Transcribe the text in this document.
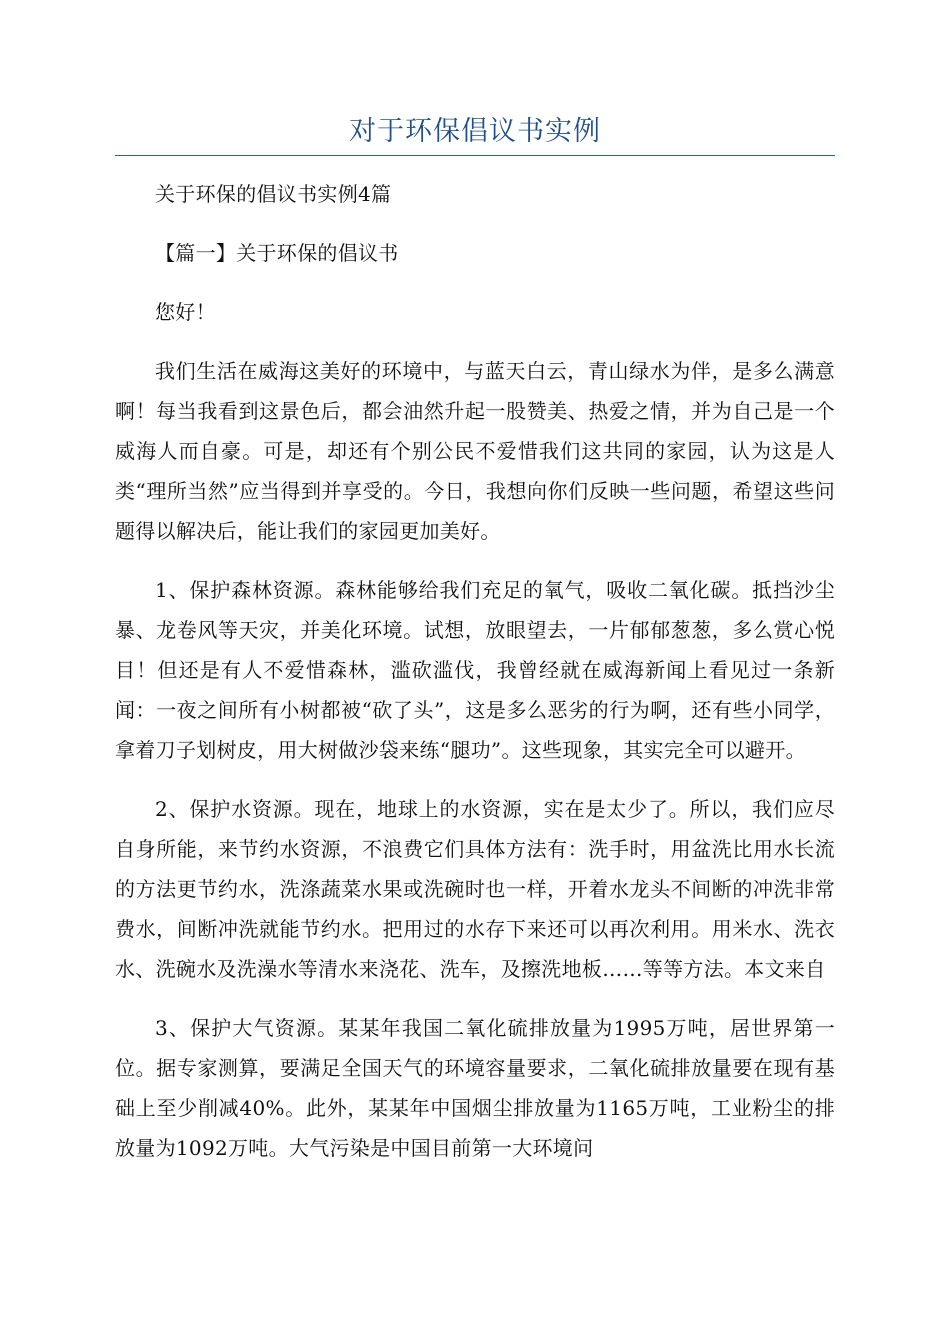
对于环保倡议书实例

关于环保的倡议书实例4篇

【篇一】关于环保的倡议书

您好！

我们生活在威海这美好的环境中，与蓝天白云，青山绿水为伴，是多么满意啊！每当我看到这景色后，都会油然升起一股赞美、热爱之情，并为自己是一个威海人而自豪。可是，却还有个别公民不爱惜我们这共同的家园，认为这是人类“理所当然”应当得到并享受的。今日，我想向你们反映一些问题，希望这些问题得以解决后，能让我们的家园更加美好。

1、保护森林资源。森林能够给我们充足的氧气，吸收二氧化碳。抵挡沙尘暴、龙卷风等天灾，并美化环境。试想，放眼望去，一片郁郁葱葱，多么赏心悦目！但还是有人不爱惜森林，滥砍滥伐，我曾经就在威海新闻上看见过一条新闻：一夜之间所有小树都被“砍了头”，这是多么恶劣的行为啊，还有些小同学，拿着刀子划树皮，用大树做沙袋来练“腿功”。这些现象，其实完全可以避开。

2、保护水资源。现在，地球上的水资源，实在是太少了。所以，我们应尽自身所能，来节约水资源，不浪费它们具体方法有：洗手时，用盆洗比用水长流的方法更节约水，洗涤蔬菜水果或洗碗时也一样，开着水龙头不间断的冲洗非常费水，间断冲洗就能节约水。把用过的水存下来还可以再次利用。用米水、洗衣水、洗碗水及洗澡水等清水来浇花、洗车，及擦洗地板……等等方法。本文来自

3、保护大气资源。某某年我国二氧化硫排放量为1995万吨，居世界第一位。据专家测算，要满足全国天气的环境容量要求，二氧化硫排放量要在现有基础上至少削减40%。此外，某某年中国烟尘排放量为1165万吨，工业粉尘的排放量为1092万吨。大气污染是中国目前第一大环境问
